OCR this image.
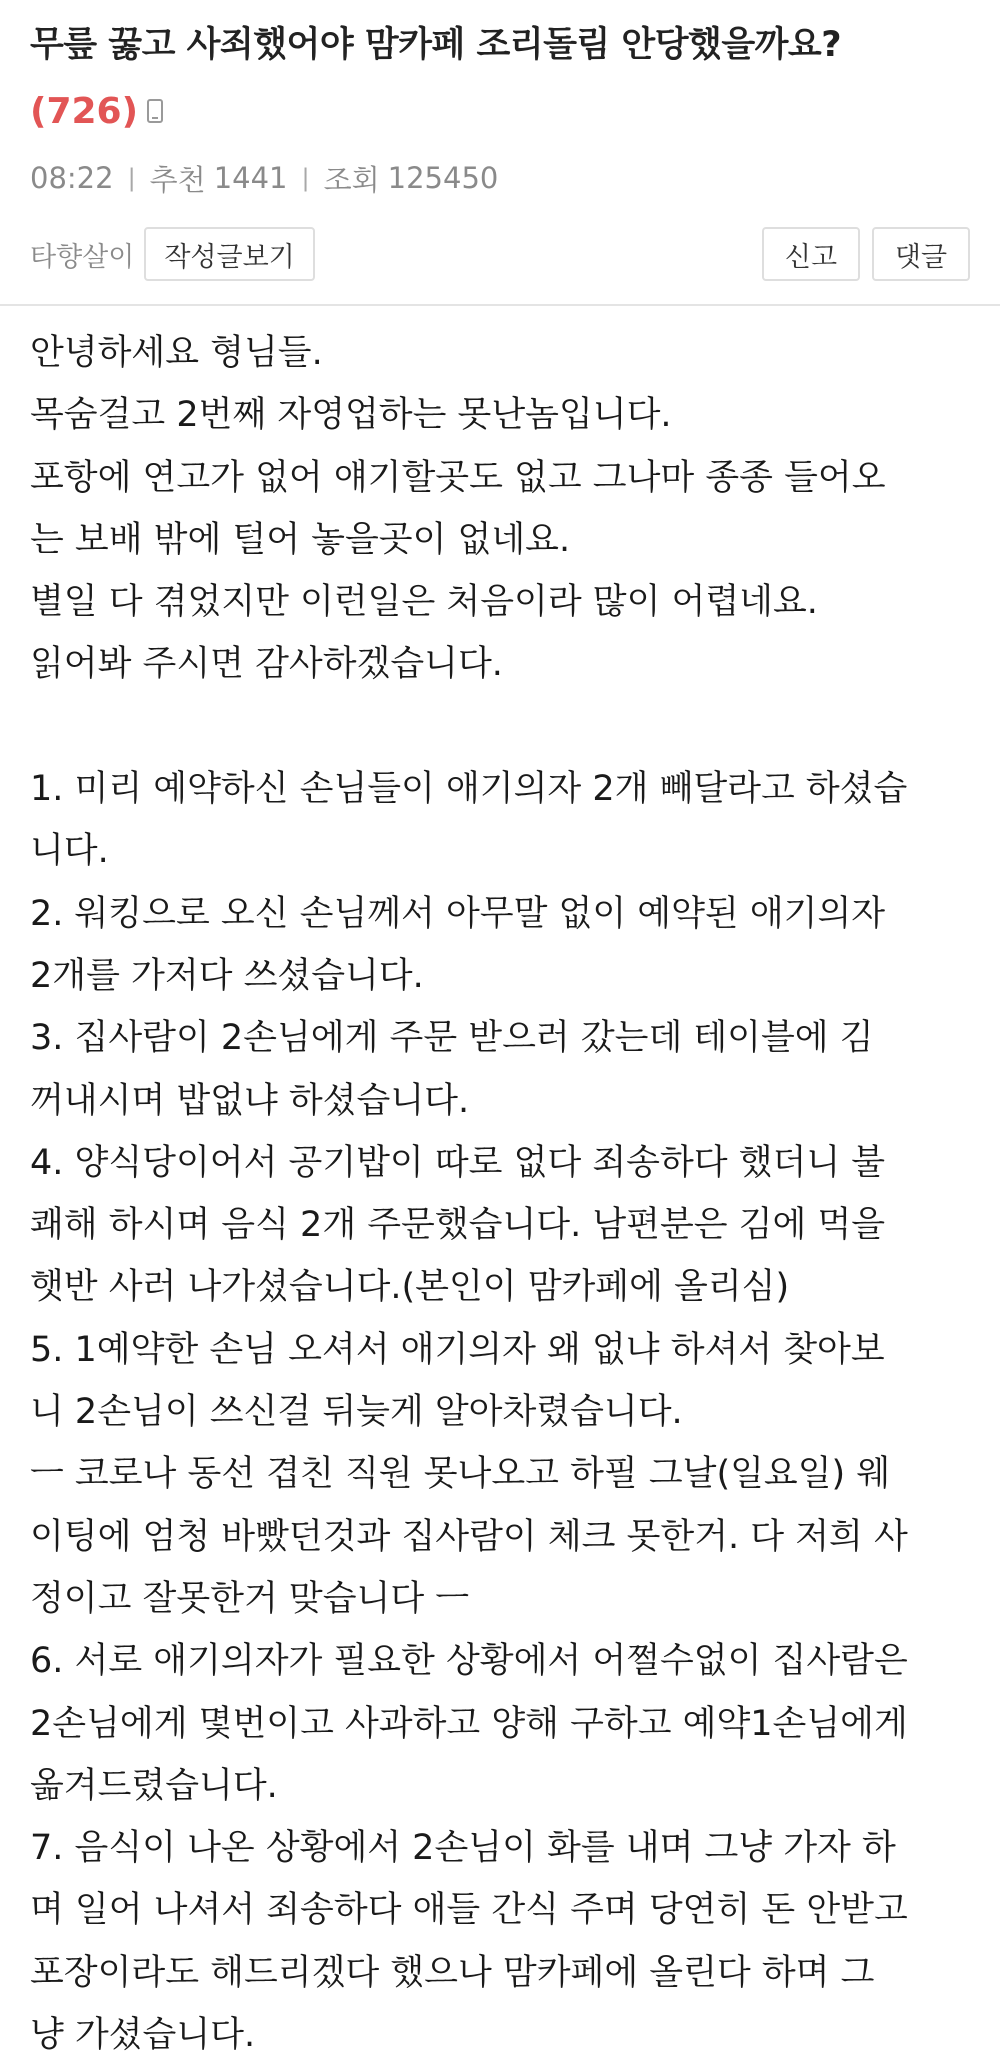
무릎 꿇고 사죄했어야 맘카페 조리돌림 안당했을까요?
(726)
08:22 | 추천 1441 | 조회 125450
타향살이	작성글보기	신고	댓글
안녕하세요 형님들.
목숨걸고 2번째 자영업하는 못난놈입니다.
포항에 연고가 없어 얘기할곳도 없고 그나마 종종 들어오
는 보배 밖에 털어 놓을곳이 없네요.
별일 다 겪었지만 이런일은 처음이라 많이 어렵네요.
읽어봐 주시면 감사하겠습니다.
1. 미리 예약하신 손님들이 애기의자 2개 빼달라고 하셨습
니다.
2. 워킹으로 오신 손님께서 아무말 없이 예약된 애기의자
2개를 가저다 쓰셨습니다.
3. 집사람이 2손님에게 주문 받으러 갔는데 테이블에 김
꺼내시며 밥없냐 하셨습니다.
4. 양식당이어서 공기밥이 따로 없다 죄송하다 했더니 불
쾌해 하시며 음식 2개 주문했습니다. 남편분은 김에 먹을
햇반 사러 나가셨습니다.(본인이 맘카페에 올리심)
5. 1예약한 손님 오셔서 애기의자 왜 없냐 하셔서 찾아보
니 2손님이 쓰신걸 뒤늦게 알아차렸습니다.
ㅡ 코로나 동선 겹친 직원 못나오고 하필 그날(일요일) 웨
이팅에 엄청 바빴던것과 집사람이 체크 못한거. 다 저희 사
정이고 잘못한거 맞습니다 ㅡ
6. 서로 애기의자가 필요한 상황에서 어쩔수없이 집사람은
2손님에게 몇번이고 사과하고 양해 구하고 예약1손님에게
옮겨드렸습니다.
7. 음식이 나온 상황에서 2손님이 화를 내며 그냥 가자 하
며 일어 나셔서 죄송하다 애들 간식 주며 당연히 돈 안받고
포장이라도 해드리겠다 했으나 맘카페에 올린다 하며 그
냥 가셨습니다.
